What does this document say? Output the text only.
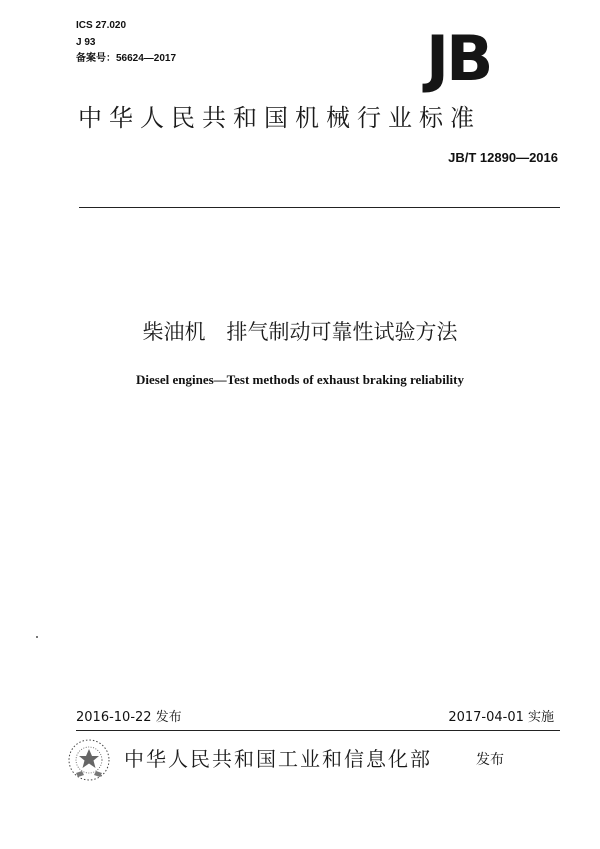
ICS 27.020
J 93
备案号：56624—2017	JB
中华人民共和国机械行业标准
JB/T 12890—2016
柴油机　排气制动可靠性试验方法
Diesel engines—Test methods of exhaust braking reliability
2016-10-22 发布	2017-04-01 实施
中华人民共和国工业和信息化部	发布
